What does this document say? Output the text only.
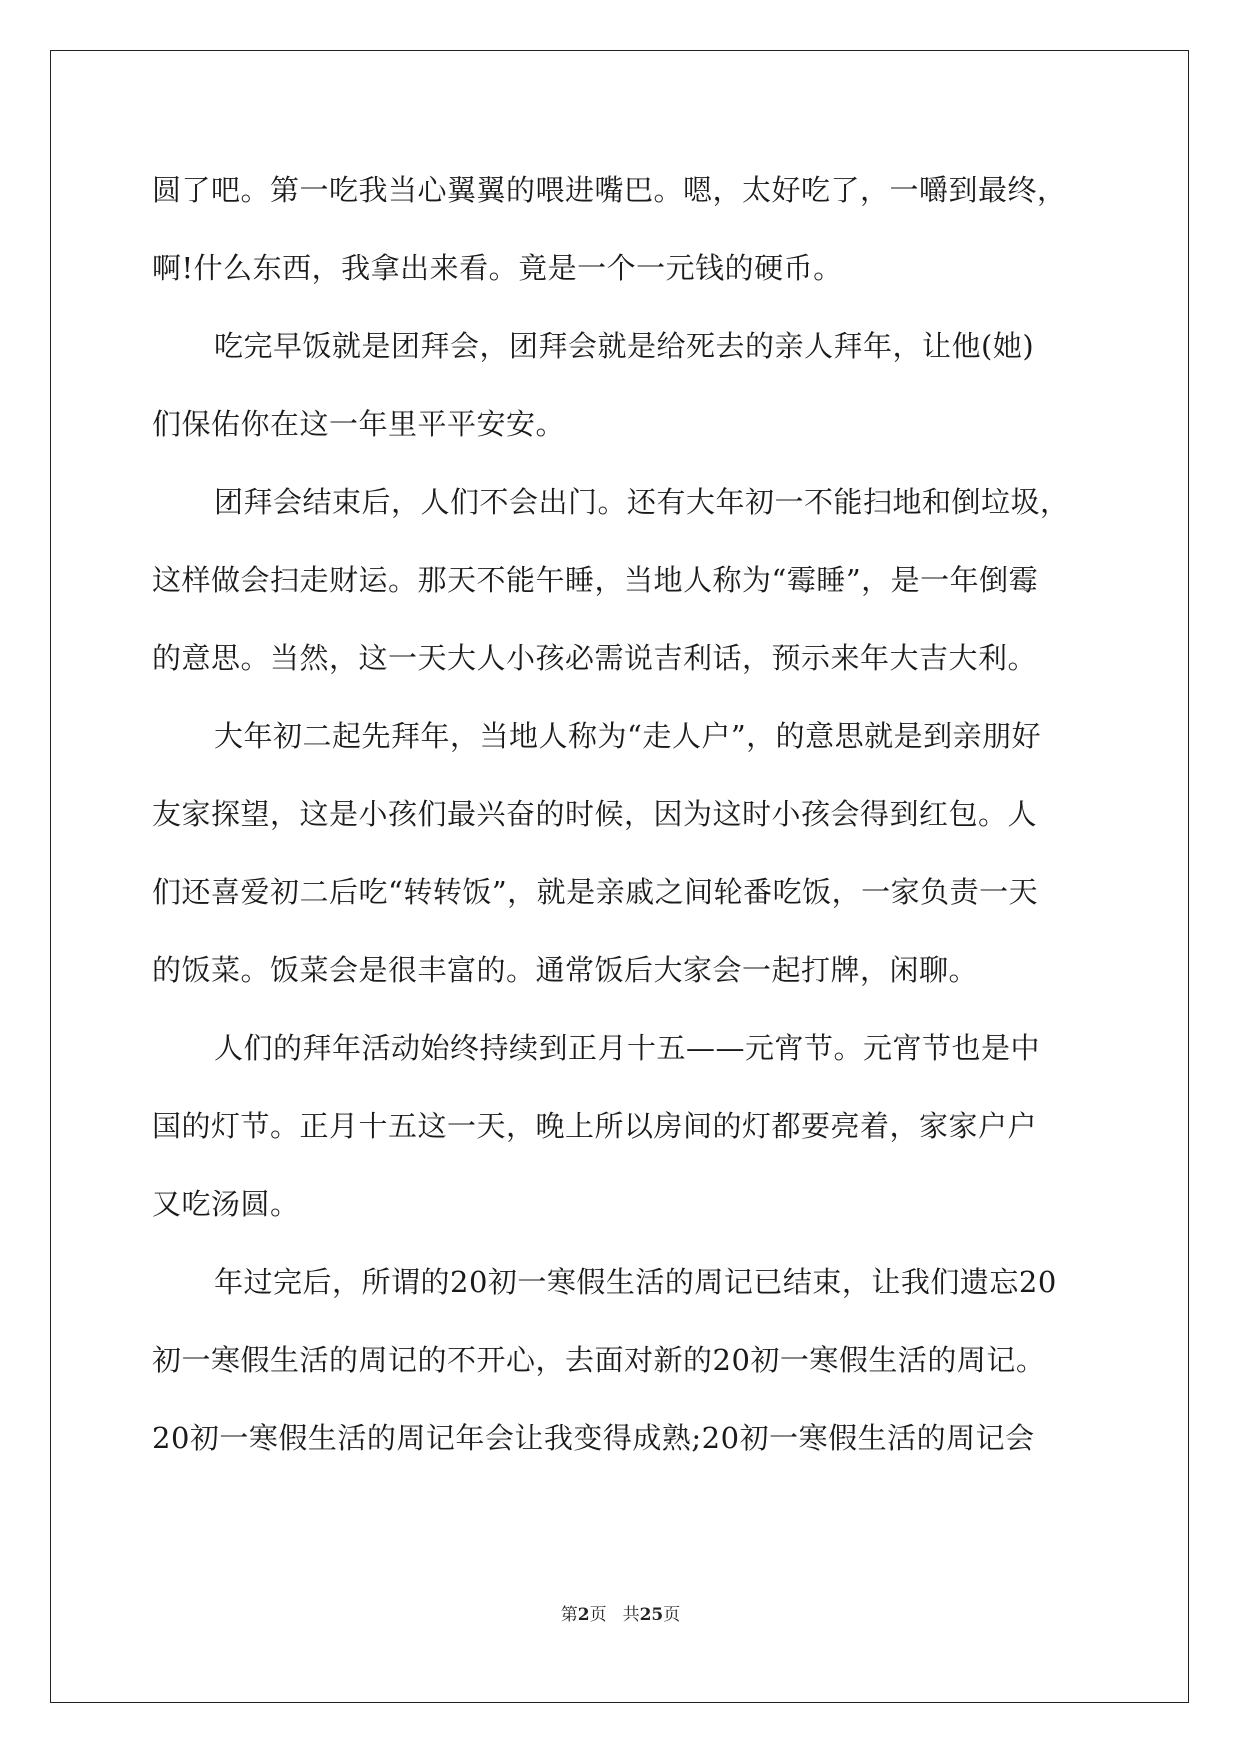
圆了吧。第一吃我当心翼翼的喂进嘴巴。嗯，太好吃了，一嚼到最终，
啊!什么东西，我拿出来看。竟是一个一元钱的硬币。
吃完早饭就是团拜会，团拜会就是给死去的亲人拜年，让他(她)
们保佑你在这一年里平平安安。
团拜会结束后，人们不会出门。还有大年初一不能扫地和倒垃圾，
这样做会扫走财运。那天不能午睡，当地人称为“霉睡”，是一年倒霉
的意思。当然，这一天大人小孩必需说吉利话，预示来年大吉大利。
大年初二起先拜年，当地人称为“走人户”，的意思就是到亲朋好
友家探望，这是小孩们最兴奋的时候，因为这时小孩会得到红包。人
们还喜爱初二后吃“转转饭”，就是亲戚之间轮番吃饭，一家负责一天
的饭菜。饭菜会是很丰富的。通常饭后大家会一起打牌，闲聊。
人们的拜年活动始终持续到正月十五——元宵节。元宵节也是中
国的灯节。正月十五这一天，晚上所以房间的灯都要亮着，家家户户
又吃汤圆。
年过完后，所谓的20初一寒假生活的周记已结束，让我们遗忘20
初一寒假生活的周记的不开心，去面对新的20初一寒假生活的周记。
20初一寒假生活的周记年会让我变得成熟;20初一寒假生活的周记会
第2页 共25页
